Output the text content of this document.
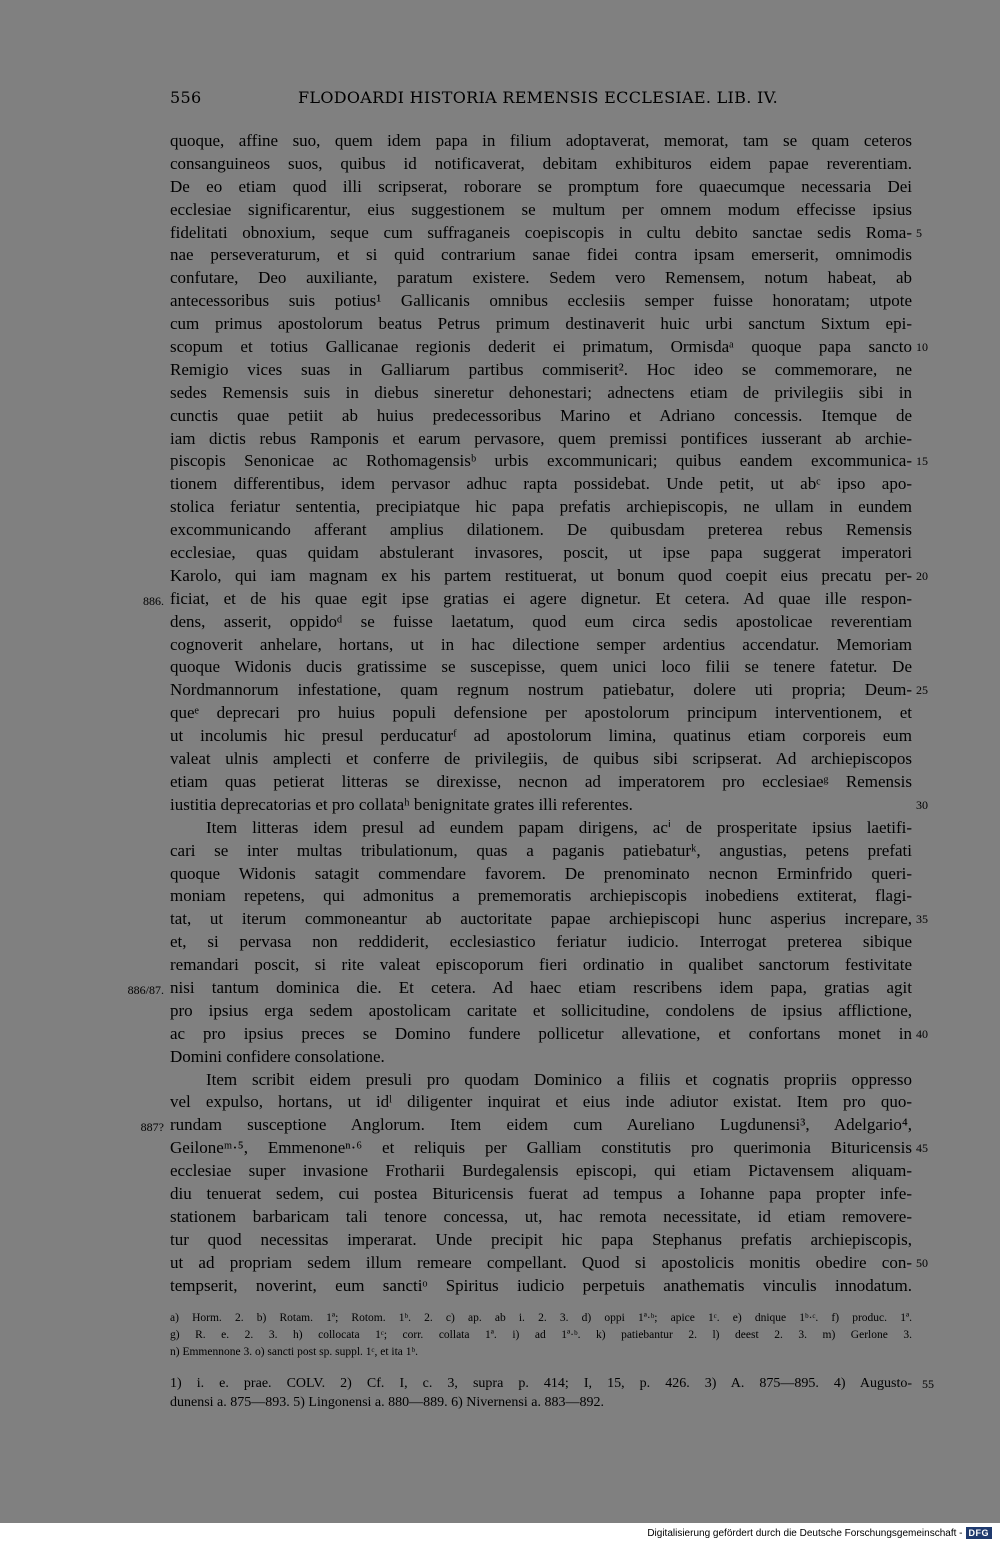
556	FLODOARDI HISTORIA REMENSIS ECCLESIAE. LIB. IV.
quoque, affine suo, quem idem papa in filium adoptaverat, memorat, tam se quam ceteros
consanguineos suos, quibus id notificaverat, debitam exhibituros eidem papae reverentiam.
De eo etiam quod illi scripserat, roborare se promptum fore quaecumque necessaria Dei
ecclesiae significarentur, eius suggestionem se multum per omnem modum effecisse ipsius
fidelitati obnoxium, seque cum suffraganeis coepiscopis in cultu debito sanctae sedis Roma- 5
nae perseveraturum, et si quid contrarium sanae fidei contra ipsam emerserit, omnimodis
confutare, Deo auxiliante, paratum existere. Sedem vero Remensem, notum habeat, ab
antecessoribus suis potius¹ Gallicanis omnibus ecclesiis semper fuisse honoratam; utpote
cum primus apostolorum beatus Petrus primum destinaverit huic urbi sanctum Sixtum epi-
scopum et totius Gallicanae regionis dederit ei primatum, Ormisdaᵃ quoque papa sancto 10
Remigio vices suas in Galliarum partibus commiserit². Hoc ideo se commemorare, ne
sedes Remensis suis in diebus sineretur dehonestari; adnectens etiam de privilegiis sibi in
cunctis quae petiit ab huius predecessoribus Marino et Adriano concessis. Itemque de
iam dictis rebus Ramponis et earum pervasore, quem premissi pontifices iusserant ab archie-
piscopis Senonicae ac Rothomagensisᵇ urbis excommunicari; quibus eandem excommunica- 15
tionem differentibus, idem pervasor adhuc rapta possidebat. Unde petit, ut abᶜ ipso apo-
stolica feriatur sententia, precipiatque hic papa prefatis archiepiscopis, ne ullam in eundem
excommunicando afferant amplius dilationem. De quibusdam preterea rebus Remensis
ecclesiae, quas quidam abstulerant invasores, poscit, ut ipse papa suggerat imperatori
Karolo, qui iam magnam ex his partem restituerat, ut bonum quod coepit eius precatu per- 20
ficiat, et de his quae egit ipse gratias ei agere dignetur. Et cetera. Ad quae ille respon-
886.
dens, asserit, oppidoᵈ se fuisse laetatum, quod eum circa sedis apostolicae reverentiam
cognoverit anhelare, hortans, ut in hac dilectione semper ardentius accendatur. Memoriam
quoque Widonis ducis gratissime se suscepisse, quem unici loco filii se tenere fatetur. De
Nordmannorum infestatione, quam regnum nostrum patiebatur, dolere uti propria; Deum- 25
queᵉ deprecari pro huius populi defensione per apostolorum principum interventionem, et
ut incolumis hic presul perducaturᶠ ad apostolorum limina, quatinus etiam corporeis eum
valeat ulnis amplecti et conferre de privilegiis, de quibus sibi scripserat. Ad archiepiscopos
etiam quas petierat litteras se direxisse, necnon ad imperatorem pro ecclesiaeᵍ Remensis
iustitia deprecatorias et pro collataʰ benignitate grates illi referentes.	30
Item litteras idem presul ad eundem papam dirigens, acⁱ de prosperitate ipsius laetifi-
cari se inter multas tribulationum, quas a paganis patiebaturᵏ, angustias, petens prefati
quoque Widonis satagit commendare favorem. De prenominato necnon Erminfrido queri-
moniam repetens, qui admonitus a prememoratis archiepiscopis inobediens extiterat, flagi-
tat, ut iterum commoneantur ab auctoritate papae archiepiscopi hunc asperius increpare, 35
et, si pervasa non reddiderit, ecclesiastico feriatur iudicio. Interrogat preterea sibique
remandari poscit, si rite valeat episcoporum fieri ordinatio in qualibet sanctorum festivitate
nisi tantum dominica die. Et cetera. Ad haec etiam rescribens idem papa, gratias agit
886/87.
pro ipsius erga sedem apostolicam caritate et sollicitudine, condolens de ipsius afflictione,
ac pro ipsius preces se Domino fundere pollicetur allevatione, et confortans monet in 40
Domini confidere consolatione.
Item scribit eidem presuli pro quodam Dominico a filiis et cognatis propriis oppresso
vel expulso, hortans, ut idˡ diligenter inquirat et eius inde adiutor existat. Item pro quo-
rundam susceptione Anglorum. Item eidem cum Aureliano Lugdunensi³, Adelgario⁴,
887?
Geiloneᵐ·⁵, Emmenoneⁿ·⁶ et reliquis per Galliam constitutis pro querimonia Bituricensis 45
ecclesiae super invasione Frotharii Burdegalensis episcopi, qui etiam Pictavensem aliquam-
diu tenuerat sedem, cui postea Bituricensis fuerat ad tempus a Iohanne papa propter infe-
stationem barbaricam tali tenore concessa, ut, hac remota necessitate, id etiam removere-
tur quod necessitas imperarat. Unde precipit hic papa Stephanus prefatis archiepiscopis,
ut ad propriam sedem illum remeare compellant. Quod si apostolicis monitis obedire con- 50
tempserit, noverint, eum sanctiᵒ Spiritus iudicio perpetuis anathematis vinculis innodatum.
a) Horm. 2. b) Rotam. 1ª; Rotom. 1ᵇ. 2. c) ap. ab i. 2. 3. d) oppi 1ª·ᵇ; apice 1ᶜ. e) dnique 1ᵇ·ᶜ. f) produc. 1ª.
g) R. e. 2. 3. h) collocata 1ᶜ; corr. collata 1ª. i) ad 1ª·ᵇ. k) patiebantur 2. l) deest 2. 3. m) Gerlone 3.
n) Emmennone 3. o) sancti post sp. suppl. 1ᶜ, et ita 1ᵇ.
1) i. e. prae. COLV. 2) Cf. I, c. 3, supra p. 414; I, 15, p. 426. 3) A. 875—895. 4) Augusto- 55
dunensi a. 875—893. 5) Lingonensi a. 880—889. 6) Nivernensi a. 883—892.
Digitalisierung gefördert durch die Deutsche Forschungsgemeinschaft - DFG
